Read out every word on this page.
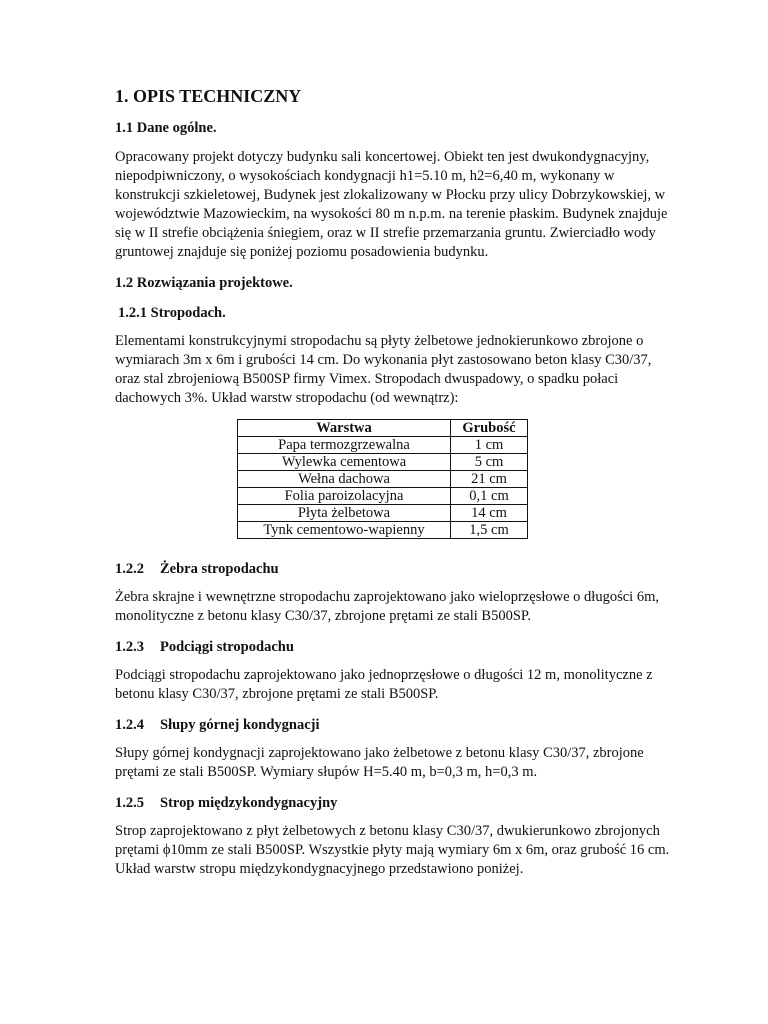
1. OPIS TECHNICZNY
1.1 Dane ogólne.

Opracowany projekt dotyczy budynku sali koncertowej. Obiekt ten jest dwukondygnacyjny, niepodpiwniczony, o wysokościach kondygnacji h1=5.10 m, h2=6,40 m, wykonany w konstrukcji szkieletowej, Budynek jest zlokalizowany w Płocku przy ulicy Dobrzykowskiej, w województwie Mazowieckim, na wysokości 80 m n.p.m. na terenie płaskim. Budynek znajduje się w II strefie obciążenia śniegiem, oraz w II strefie przemarzania gruntu. Zwierciadło wody gruntowej znajduje się poniżej poziomu posadowienia budynku.

1.2 Rozwiązania projektowe.
1.2.1 Stropodach.

Elementami konstrukcyjnymi stropodachu są płyty żelbetowe jednokierunkowo zbrojone o wymiarach 3m x 6m i grubości 14 cm. Do wykonania płyt zastosowano beton klasy C30/37, oraz stal zbrojeniową B500SP firmy Vimex. Stropodach dwuspadowy, o spadku połaci dachowych 3%. Układ warstw stropodachu (od wewnątrz):

Warstwa	Grubość
Papa termozgrzewalna	1 cm
Wylewka cementowa	5 cm
Wełna dachowa	21 cm
Folia paroizolacyjna	0,1 cm
Płyta żelbetowa	14 cm
Tynk cementowo-wapienny	1,5 cm
1.2.2 Żebra stropodachu

Żebra skrajne i wewnętrzne stropodachu zaprojektowano jako wieloprzęsłowe o długości 6m, monolityczne z betonu klasy C30/37, zbrojone prętami ze stali B500SP.

1.2.3 Podciągi stropodachu

Podciągi stropodachu zaprojektowano jako jednoprzęsłowe o długości 12 m, monolityczne z betonu klasy C30/37, zbrojone prętami ze stali B500SP.

1.2.4 Słupy górnej kondygnacji

Słupy górnej kondygnacji zaprojektowano jako żelbetowe z betonu klasy C30/37, zbrojone prętami ze stali B500SP. Wymiary słupów H=5.40 m, b=0,3 m, h=0,3 m.

1.2.5 Strop międzykondygnacyjny

Strop zaprojektowano z płyt żelbetowych z betonu klasy C30/37, dwukierunkowo zbrojonych prętami ϕ10mm ze stali B500SP. Wszystkie płyty mają wymiary 6m x 6m, oraz grubość 16 cm. Układ warstw stropu międzykondygnacyjnego przedstawiono poniżej.
